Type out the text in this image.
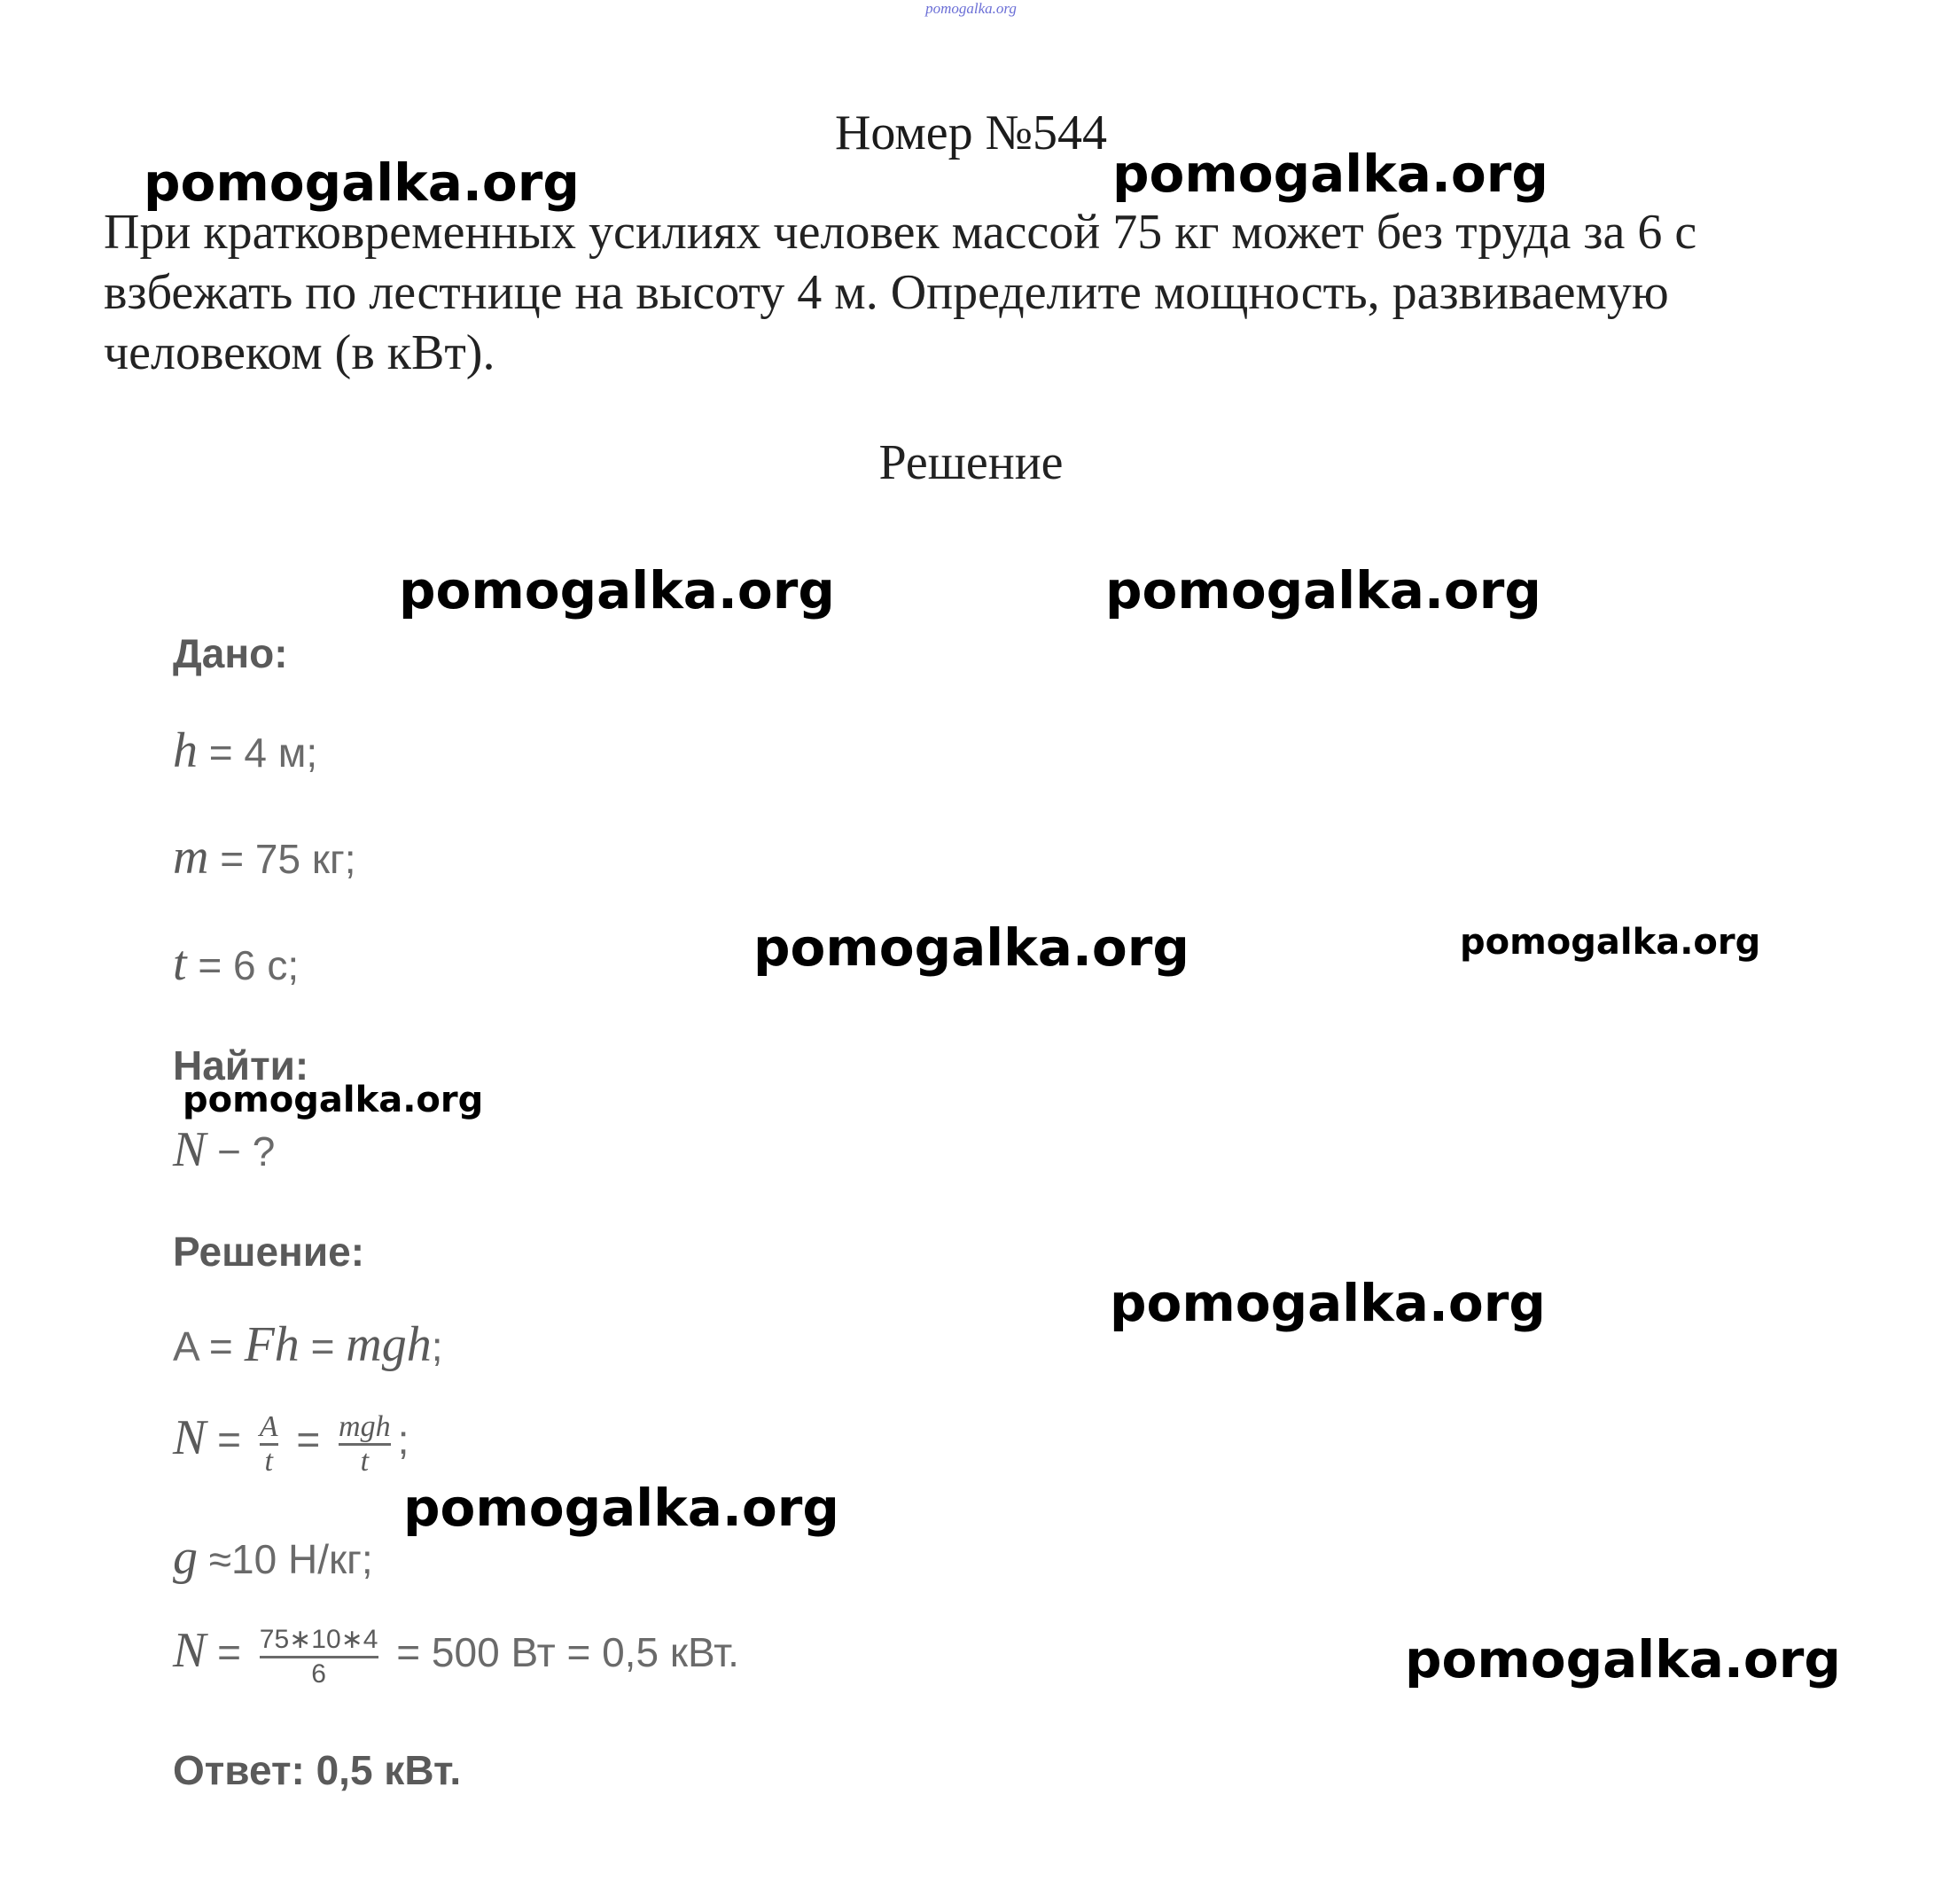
pomogalka.org
Номер №544
При кратковременных усилиях человек массой 75 кг может без труда за 6 с
взбежать по лестнице на высоту 4 м. Определите мощность, развиваемую
человеком (в кВт).
Решение
Дано:
h = 4 м;
m = 75 кг;
t = 6 с;
Найти:
N − ?
Решение:
A = Fh = mgh;
$N = \frac{A}{t} = \frac{\text{mgh}}{t}$ ;
g ≈10 Н/кг;
$N = \frac{75∗10∗4}{6} = 500$ Вт = 0,5 кВт.
Ответ: 0,5 кВт.
pomogalka.org	pomogalka.org
pomogalka.org	pomogalka.org
pomogalka.org	pomogalka.org
pomogalka.org
pomogalka.org
pomogalka.org
pomogalka.org
